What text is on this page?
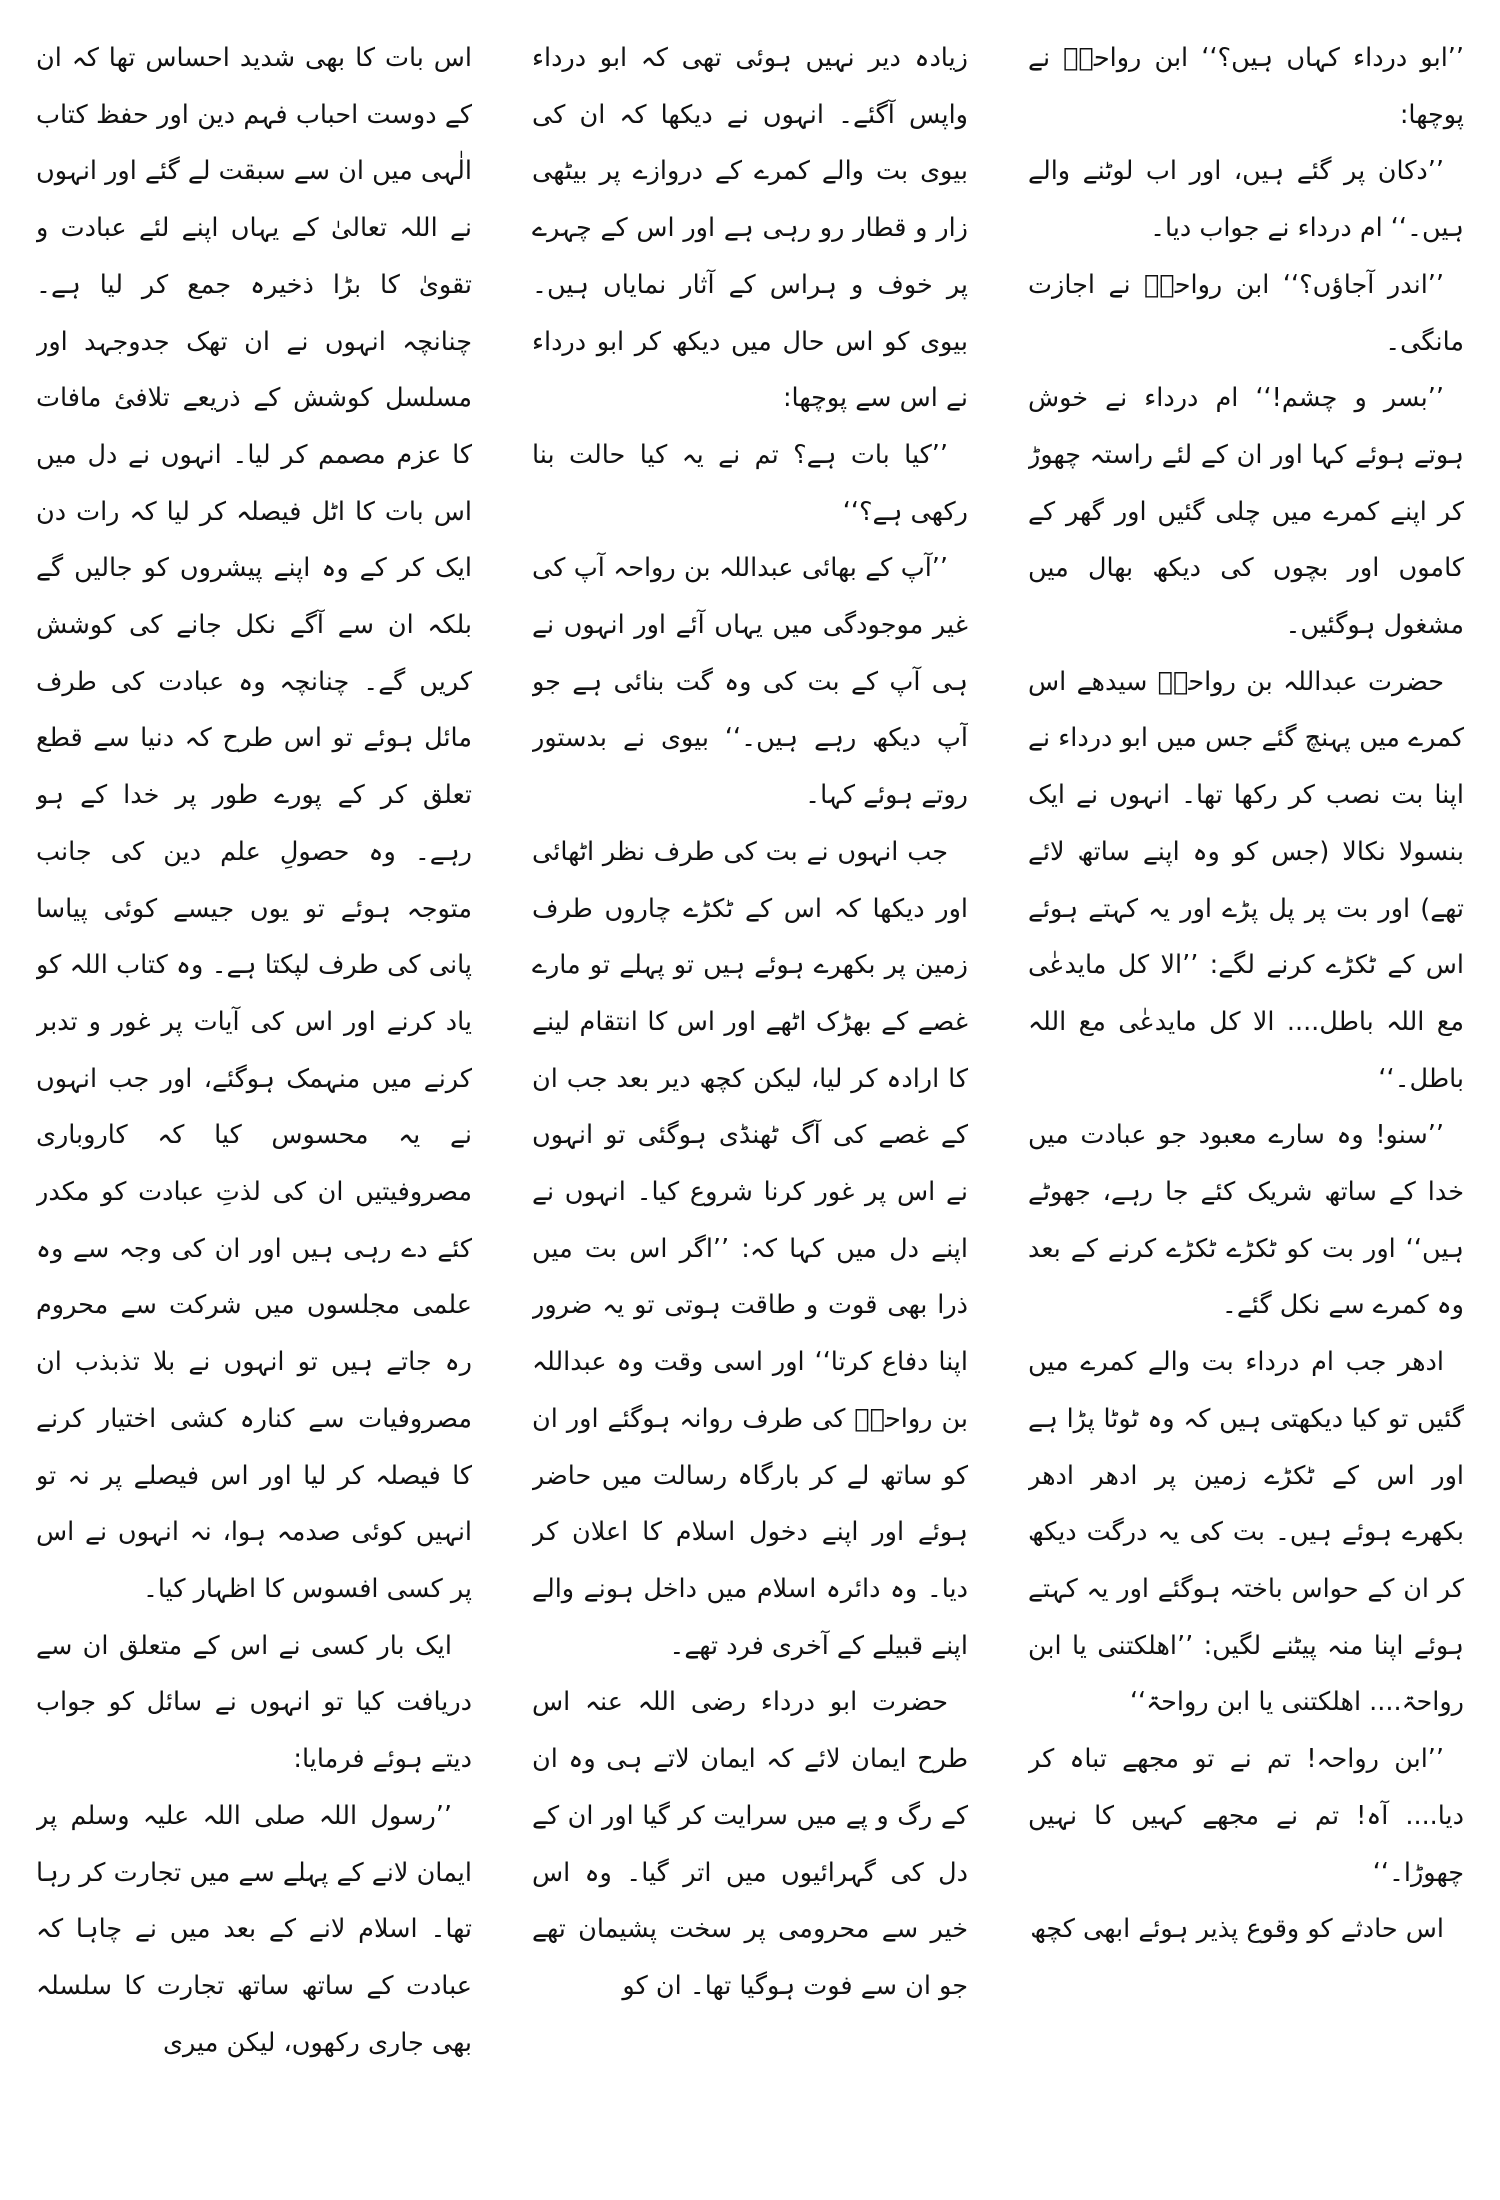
’’ابو درداء کہاں ہیں؟‘‘ ابن رواحہؓ نے پوچھا:

’’دکان پر گئے ہیں، اور اب لوٹنے والے ہیں۔‘‘ ام درداء نے جواب دیا۔

’’اندر آجاؤں؟‘‘ ابن رواحہؓ نے اجازت مانگی۔

’’بسر و چشم!‘‘ ام درداء نے خوش ہوتے ہوئے کہا اور ان کے لئے راستہ چھوڑ کر اپنے کمرے میں چلی گئیں اور گھر کے کاموں اور بچوں کی دیکھ بھال میں مشغول ہوگئیں۔

حضرت عبداللہ بن رواحہؓ سیدھے اس کمرے میں پہنچ گئے جس میں ابو درداء نے اپنا بت نصب کر رکھا تھا۔ انہوں نے ایک بنسولا نکالا (جس کو وہ اپنے ساتھ لائے تھے) اور بت پر پل پڑے اور یہ کہتے ہوئے اس کے ٹکڑے کرنے لگے: ’’الا کل مایدعٰی مع اللہ باطل.... الا کل مایدعٰی مع اللہ باطل۔‘‘

’’سنو! وہ سارے معبود جو عبادت میں خدا کے ساتھ شریک کئے جا رہے، جھوٹے ہیں‘‘ اور بت کو ٹکڑے ٹکڑے کرنے کے بعد وہ کمرے سے نکل گئے۔

ادھر جب ام درداء بت والے کمرے میں گئیں تو کیا دیکھتی ہیں کہ وہ ٹوٹا پڑا ہے اور اس کے ٹکڑے زمین پر ادھر ادھر بکھرے ہوئے ہیں۔ بت کی یہ درگت دیکھ کر ان کے حواس باختہ ہوگئے اور یہ کہتے ہوئے اپنا منہ پیٹنے لگیں: ’’اھلکتنی یا ابن رواحۃ.... اھلکتنی یا ابن رواحۃ‘‘

’’ابن رواحہ! تم نے تو مجھے تباہ کر دیا.... آہ! تم نے مجھے کہیں کا نہیں چھوڑا۔‘‘

اس حادثے کو وقوع پذیر ہوئے ابھی کچھ

زیادہ دیر نہیں ہوئی تھی کہ ابو درداء واپس آگئے۔ انہوں نے دیکھا کہ ان کی بیوی بت والے کمرے کے دروازے پر بیٹھی زار و قطار رو رہی ہے اور اس کے چہرے پر خوف و ہراس کے آثار نمایاں ہیں۔ بیوی کو اس حال میں دیکھ کر ابو درداء نے اس سے پوچھا:

’’کیا بات ہے؟ تم نے یہ کیا حالت بنا رکھی ہے؟‘‘

’’آپ کے بھائی عبداللہ بن رواحہ آپ کی غیر موجودگی میں یہاں آئے اور انہوں نے ہی آپ کے بت کی وہ گت بنائی ہے جو آپ دیکھ رہے ہیں۔‘‘ بیوی نے بدستور روتے ہوئے کہا۔

جب انہوں نے بت کی طرف نظر اٹھائی اور دیکھا کہ اس کے ٹکڑے چاروں طرف زمین پر بکھرے ہوئے ہیں تو پہلے تو مارے غصے کے بھڑک اٹھے اور اس کا انتقام لینے کا ارادہ کر لیا، لیکن کچھ دیر بعد جب ان کے غصے کی آگ ٹھنڈی ہوگئی تو انہوں نے اس پر غور کرنا شروع کیا۔ انہوں نے اپنے دل میں کہا کہ: ’’اگر اس بت میں ذرا بھی قوت و طاقت ہوتی تو یہ ضرور اپنا دفاع کرتا‘‘ اور اسی وقت وہ عبداللہ بن رواحہؓ کی طرف روانہ ہوگئے اور ان کو ساتھ لے کر بارگاہ رسالت میں حاضر ہوئے اور اپنے دخول اسلام کا اعلان کر دیا۔ وہ دائرہ اسلام میں داخل ہونے والے اپنے قبیلے کے آخری فرد تھے۔

حضرت ابو درداء رضی اللہ عنہ اس طرح ایمان لائے کہ ایمان لاتے ہی وہ ان کے رگ و پے میں سرایت کر گیا اور ان کے دل کی گہرائیوں میں اتر گیا۔ وہ اس خیر سے محرومی پر سخت پشیمان تھے جو ان سے فوت ہوگیا تھا۔ ان کو

اس بات کا بھی شدید احساس تھا کہ ان کے دوست احباب فہم دین اور حفظ کتاب الٰہی میں ان سے سبقت لے گئے اور انہوں نے اللہ تعالیٰ کے یہاں اپنے لئے عبادت و تقویٰ کا بڑا ذخیرہ جمع کر لیا ہے۔ چنانچہ انہوں نے ان تھک جدوجہد اور مسلسل کوشش کے ذریعے تلافئ مافات کا عزم مصمم کر لیا۔ انہوں نے دل میں اس بات کا اٹل فیصلہ کر لیا کہ رات دن ایک کر کے وہ اپنے پیشروں کو جالیں گے بلکہ ان سے آگے نکل جانے کی کوشش کریں گے۔ چنانچہ وہ عبادت کی طرف مائل ہوئے تو اس طرح کہ دنیا سے قطع تعلق کر کے پورے طور پر خدا کے ہو رہے۔ وہ حصولِ علم دین کی جانب متوجہ ہوئے تو یوں جیسے کوئی پیاسا پانی کی طرف لپکتا ہے۔ وہ کتاب اللہ کو یاد کرنے اور اس کی آیات پر غور و تدبر کرنے میں منہمک ہوگئے، اور جب انہوں نے یہ محسوس کیا کہ کاروباری مصروفیتیں ان کی لذتِ عبادت کو مکدر کئے دے رہی ہیں اور ان کی وجہ سے وہ علمی مجلسوں میں شرکت سے محروم رہ جاتے ہیں تو انہوں نے بلا تذبذب ان مصروفیات سے کنارہ کشی اختیار کرنے کا فیصلہ کر لیا اور اس فیصلے پر نہ تو انہیں کوئی صدمہ ہوا، نہ انہوں نے اس پر کسی افسوس کا اظہار کیا۔

ایک بار کسی نے اس کے متعلق ان سے دریافت کیا تو انہوں نے سائل کو جواب دیتے ہوئے فرمایا:

’’رسول اللہ صلی اللہ علیہ وسلم پر ایمان لانے کے پہلے سے میں تجارت کر رہا تھا۔ اسلام لانے کے بعد میں نے چاہا کہ عبادت کے ساتھ ساتھ تجارت کا سلسلہ بھی جاری رکھوں، لیکن میری
